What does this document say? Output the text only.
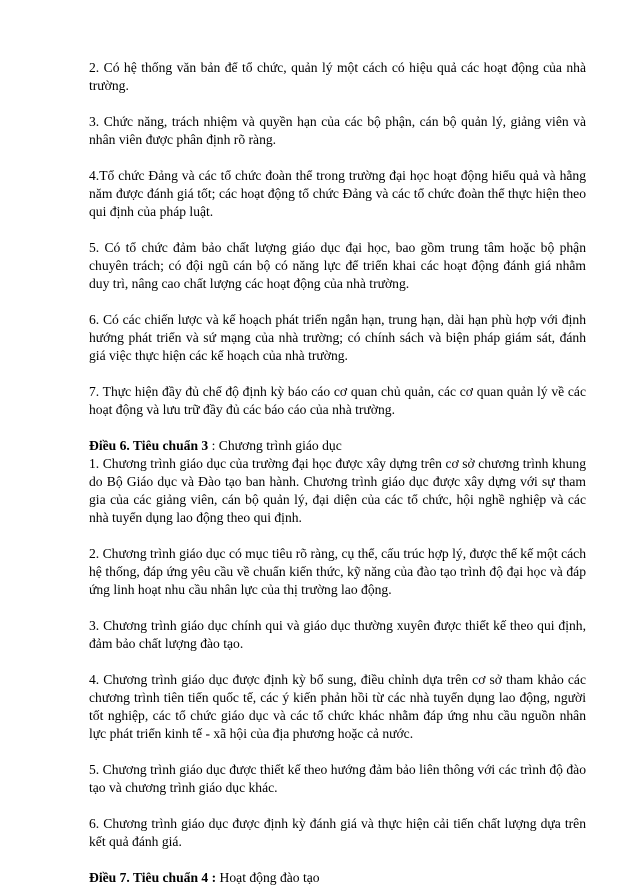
2. Có hệ thống văn bản để tổ chức, quản lý một cách có hiệu quả các hoạt động của nhà trường.

3. Chức năng, trách nhiệm và quyền hạn của các bộ phận, cán bộ quản lý, giảng viên và nhân viên được phân định rõ ràng.

4.Tổ chức Đảng và các tổ chức đoàn thể trong trường đại học hoạt động hiểu quả và hằng năm được đánh giá tốt; các hoạt động tổ chức Đảng và các tổ chức đoàn thể thực hiện theo qui định của pháp luật.

5. Có tổ chức đảm bảo chất lượng giáo dục đại học, bao gồm trung tâm hoặc bộ phận chuyên trách; có đội ngũ cán bộ có năng lực để triển khai các hoạt động đánh giá nhằm duy trì, nâng cao chất lượng các hoạt động của nhà trường.

6. Có các chiến lược và kế hoạch phát triển ngắn hạn, trung hạn, dài hạn phù hợp với định hướng phát triển và sứ mạng của nhà trường; có chính sách và biện pháp giám sát, đánh giá việc thực hiện các kế hoạch của nhà trường.

7. Thực hiện đầy đủ chế độ định kỳ báo cáo cơ quan chủ quản, các cơ quan quản lý về các hoạt động và lưu trữ đầy đủ các báo cáo của nhà trường.

Điều 6. Tiêu chuẩn 3 : Chương trình giáo dục

1. Chương trình giáo dục của trường đại học được xây dựng trên cơ sở chương trình khung do Bộ Giáo dục và Đào tạo ban hành. Chương trình giáo dục được xây dựng với sự tham gia của các giảng viên, cán bộ quản lý, đại diện của các tổ chức, hội nghề nghiệp và các nhà tuyển dụng lao động theo qui định.

2. Chương trình giáo dục có mục tiêu rõ ràng, cụ thể, cấu trúc hợp lý, được thế kế một cách hệ thống, đáp ứng yêu cầu về chuẩn kiến thức, kỹ năng của đào tạo trình độ đại học và đáp ứng linh hoạt nhu cầu nhân lực của thị trường lao động.

3. Chương trình giáo dục chính qui và giáo dục thường xuyên được thiết kế theo qui định, đảm bảo chất lượng đào tạo.

4. Chương trình giáo dục được định kỳ bổ sung, điều chỉnh dựa trên cơ sở tham khảo các chương trình tiên tiến quốc tế, các ý kiến phản hồi từ các nhà tuyển dụng lao động, người tốt nghiệp, các tổ chức giáo dục và các tổ chức khác nhằm đáp ứng nhu cầu nguồn nhân lực phát triển kinh tế - xã hội của địa phương hoặc cả nước.

5. Chương trình giáo dục được thiết kế theo hướng đảm bảo liên thông với các trình độ đào tạo và chương trình giáo dục khác.

6. Chương trình giáo dục được định kỳ đánh giá và thực hiện cải tiến chất lượng dựa trên kết quả đánh giá.

Điều 7. Tiêu chuẩn 4 : Hoạt động đào tạo
